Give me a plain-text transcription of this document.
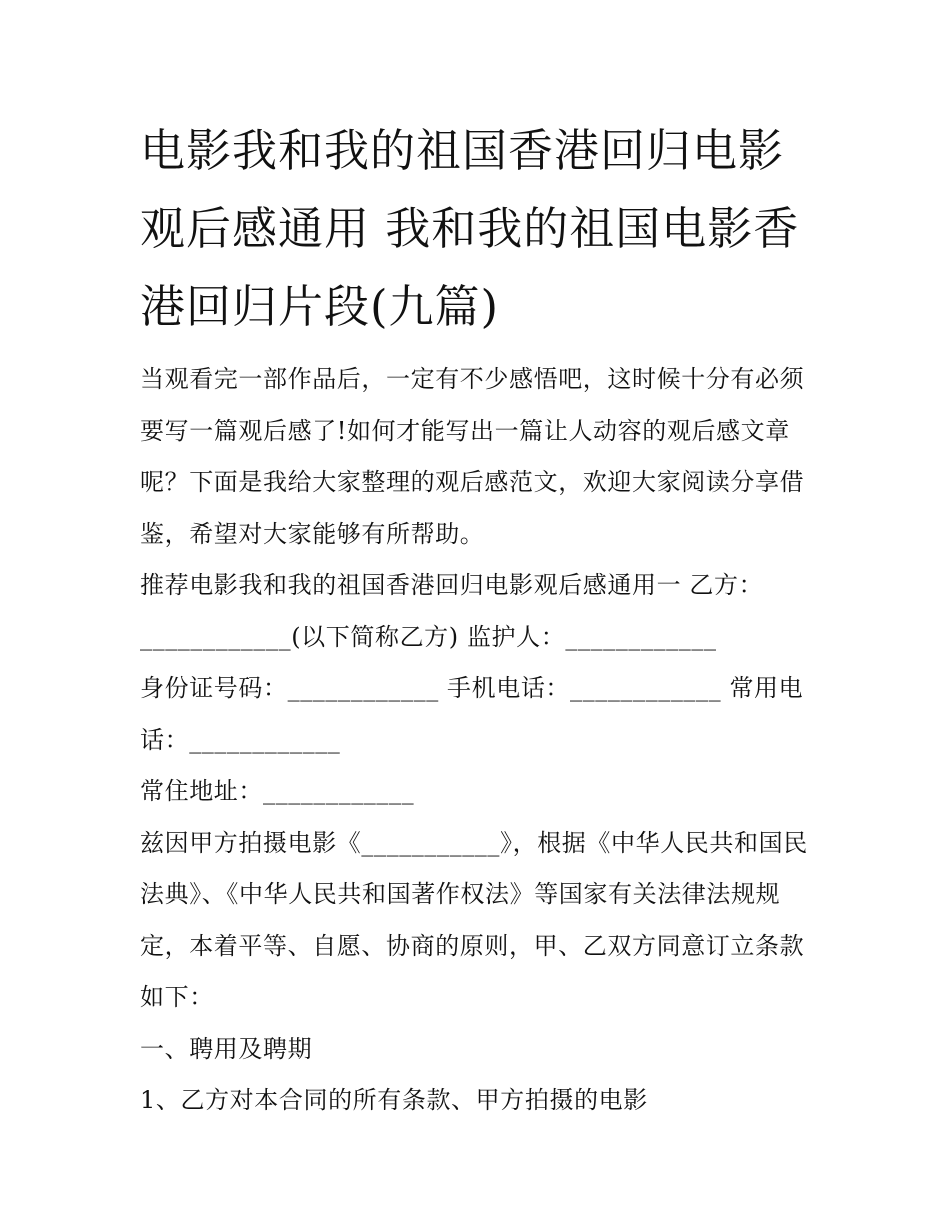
电影我和我的祖国香港回归电影观后感通用 我和我的祖国电影香港回归片段(九篇)

当观看完一部作品后，一定有不少感悟吧，这时候十分有必须要写一篇观后感了!如何才能写出一篇让人动容的观后感文章呢？下面是我给大家整理的观后感范文，欢迎大家阅读分享借鉴，希望对大家能够有所帮助。

推荐电影我和我的祖国香港回归电影观后感通用一 乙方：____________(以下简称乙方) 监护人：____________

身份证号码：____________ 手机电话：____________ 常用电话：____________

常住地址：____________

兹因甲方拍摄电影《___________》，根据《中华人民共和国民法典》、《中华人民共和国著作权法》等国家有关法律法规规定，本着平等、自愿、协商的原则，甲、乙双方同意订立条款如下：

一、聘用及聘期

1、乙方对本合同的所有条款、甲方拍摄的电影
